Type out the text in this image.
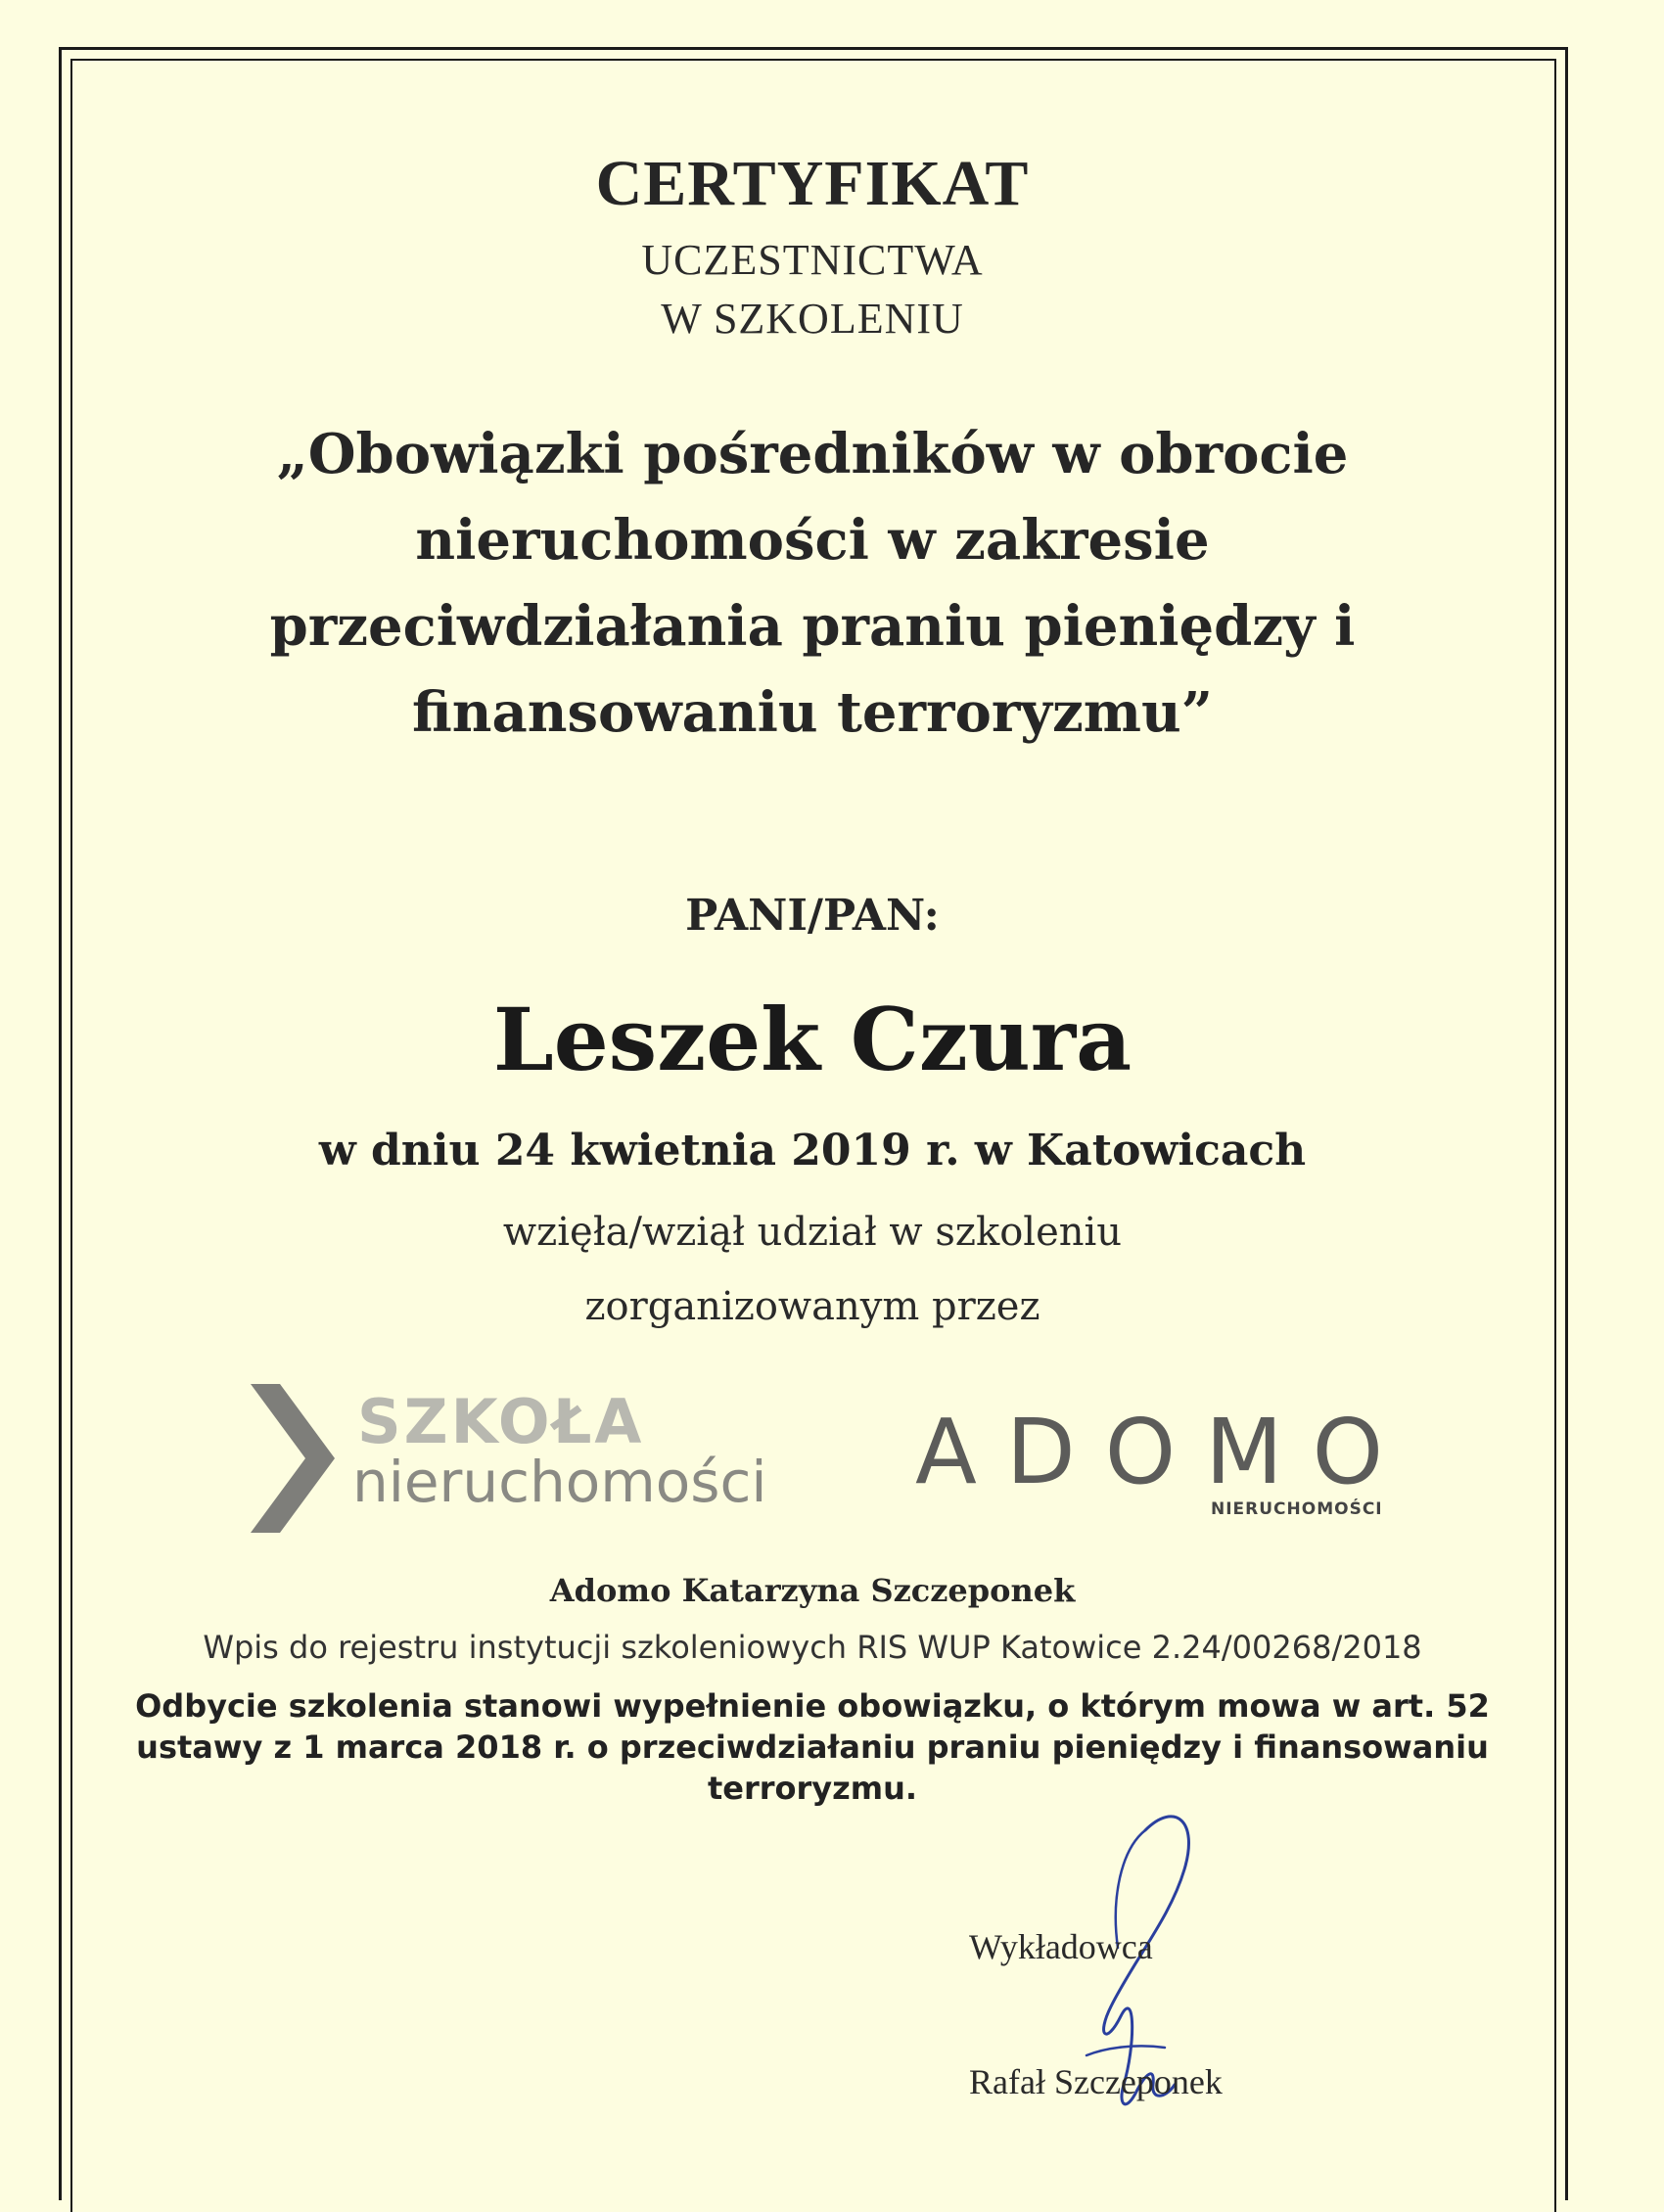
CERTYFIKAT
UCZESTNICTWA
W SZKOLENIU
„Obowiązki pośredników w obrocie
nieruchomości w zakresie
przeciwdziałania praniu pieniędzy i
finansowaniu terroryzmu”
PANI/PAN:
Leszek Czura
w dniu 24 kwietnia 2019 r. w Katowicach
wzięła/wziął udział w szkoleniu
zorganizowanym przez
SZKOŁA
nieruchomości ADOMO
NIERUCHOMOŚCI
Adomo Katarzyna Szczeponek
Wpis do rejestru instytucji szkoleniowych RIS WUP Katowice 2.24/00268/2018
Odbycie szkolenia stanowi wypełnienie obowiązku, o którym mowa w art. 52
ustawy z 1 marca 2018 r. o przeciwdziałaniu praniu pieniędzy i finansowaniu
terroryzmu.
Wykładowca
Rafał Szczeponek
